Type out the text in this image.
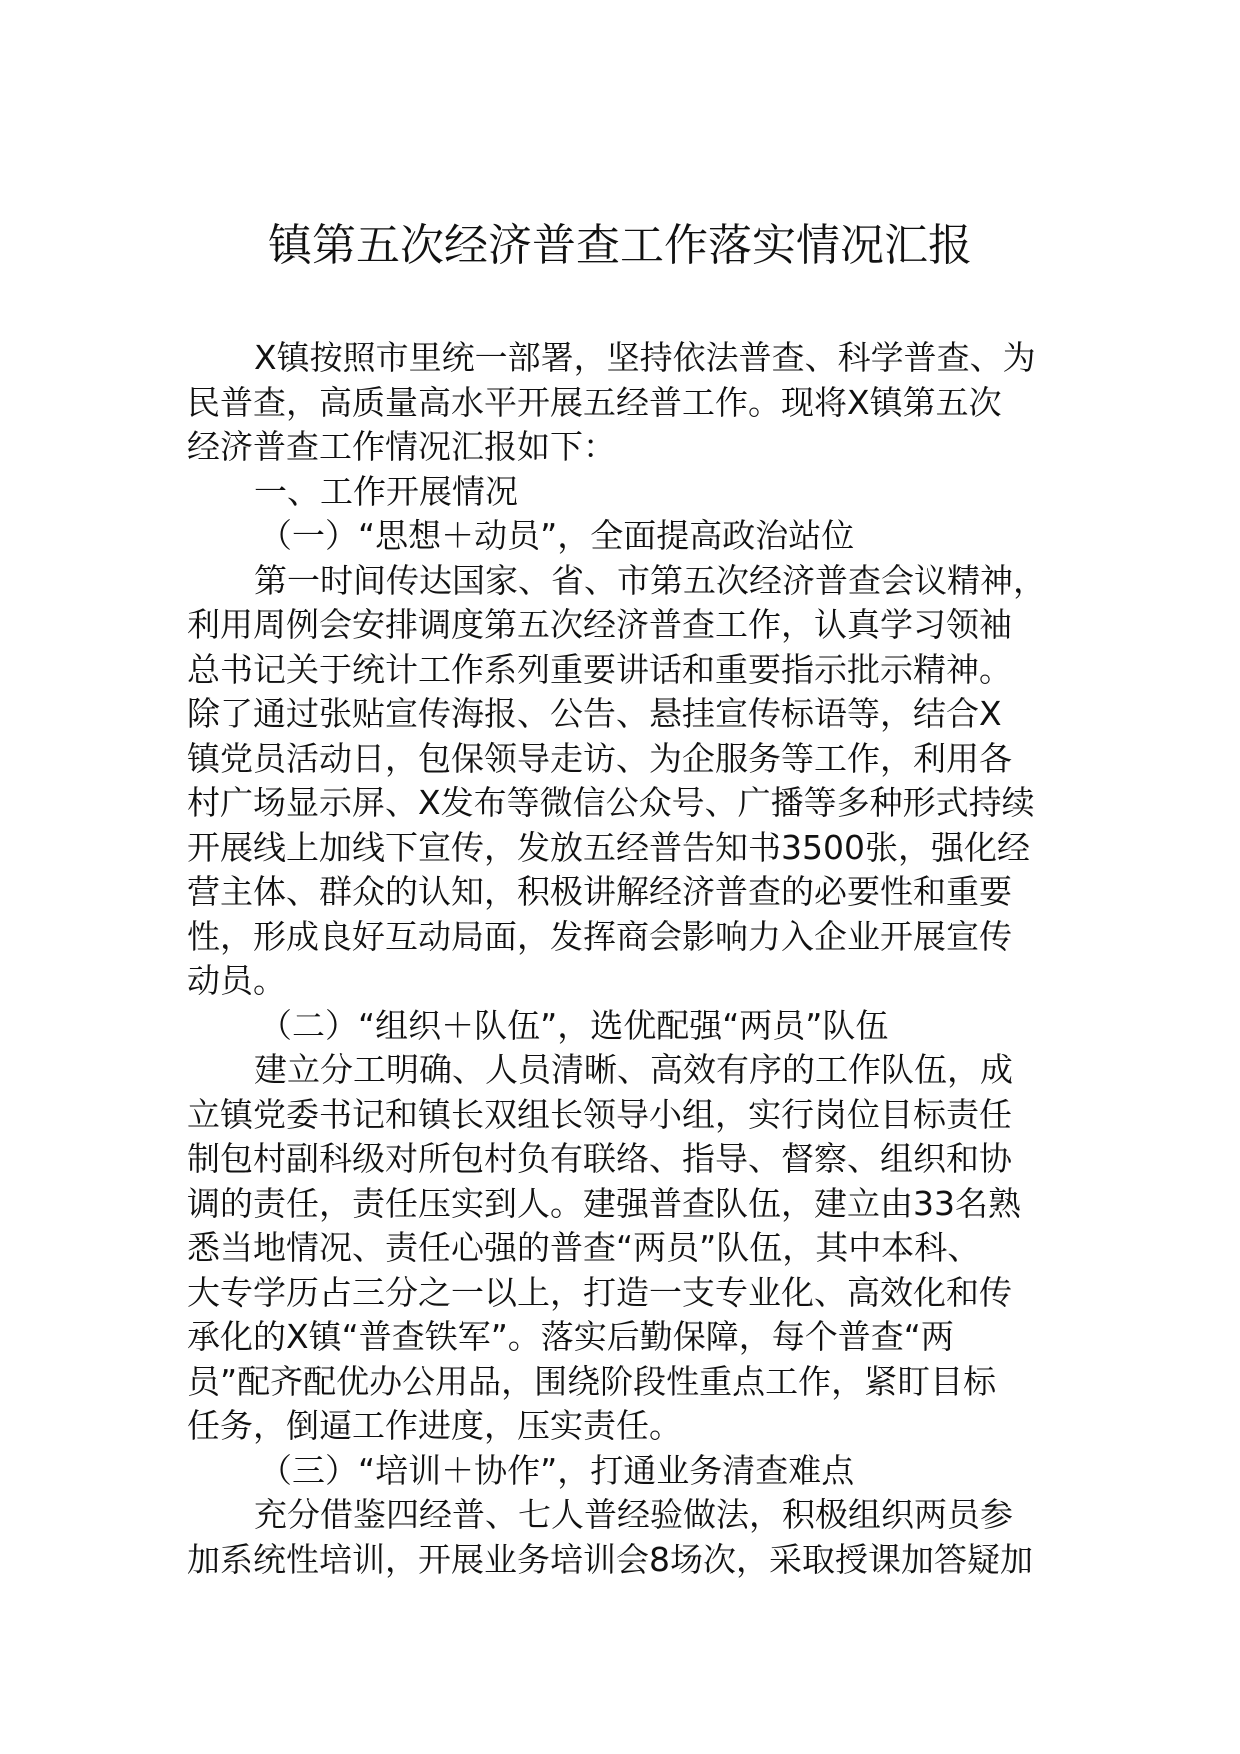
镇第五次经济普查工作落实情况汇报
X镇按照市里统一部署，坚持依法普查、科学普查、为
民普查，高质量高水平开展五经普工作。现将X镇第五次
经济普查工作情况汇报如下：
一、工作开展情况
（一）“思想＋动员”，全面提高政治站位
第一时间传达国家、省、市第五次经济普查会议精神，
利用周例会安排调度第五次经济普查工作，认真学习领袖
总书记关于统计工作系列重要讲话和重要指示批示精神。
除了通过张贴宣传海报、公告、悬挂宣传标语等，结合X
镇党员活动日，包保领导走访、为企服务等工作，利用各
村广场显示屏、X发布等微信公众号、广播等多种形式持续
开展线上加线下宣传，发放五经普告知书3500张，强化经
营主体、群众的认知，积极讲解经济普查的必要性和重要
性，形成良好互动局面，发挥商会影响力入企业开展宣传
动员。
（二）“组织＋队伍”，选优配强“两员”队伍
建立分工明确、人员清晰、高效有序的工作队伍，成
立镇党委书记和镇长双组长领导小组，实行岗位目标责任
制包村副科级对所包村负有联络、指导、督察、组织和协
调的责任，责任压实到人。建强普查队伍，建立由33名熟
悉当地情况、责任心强的普查“两员”队伍，其中本科、
大专学历占三分之一以上，打造一支专业化、高效化和传
承化的X镇“普查铁军”。落实后勤保障，每个普查“两
员”配齐配优办公用品，围绕阶段性重点工作，紧盯目标
任务，倒逼工作进度，压实责任。
（三）“培训＋协作”，打通业务清查难点
充分借鉴四经普、七人普经验做法，积极组织两员参
加系统性培训，开展业务培训会8场次，采取授课加答疑加
